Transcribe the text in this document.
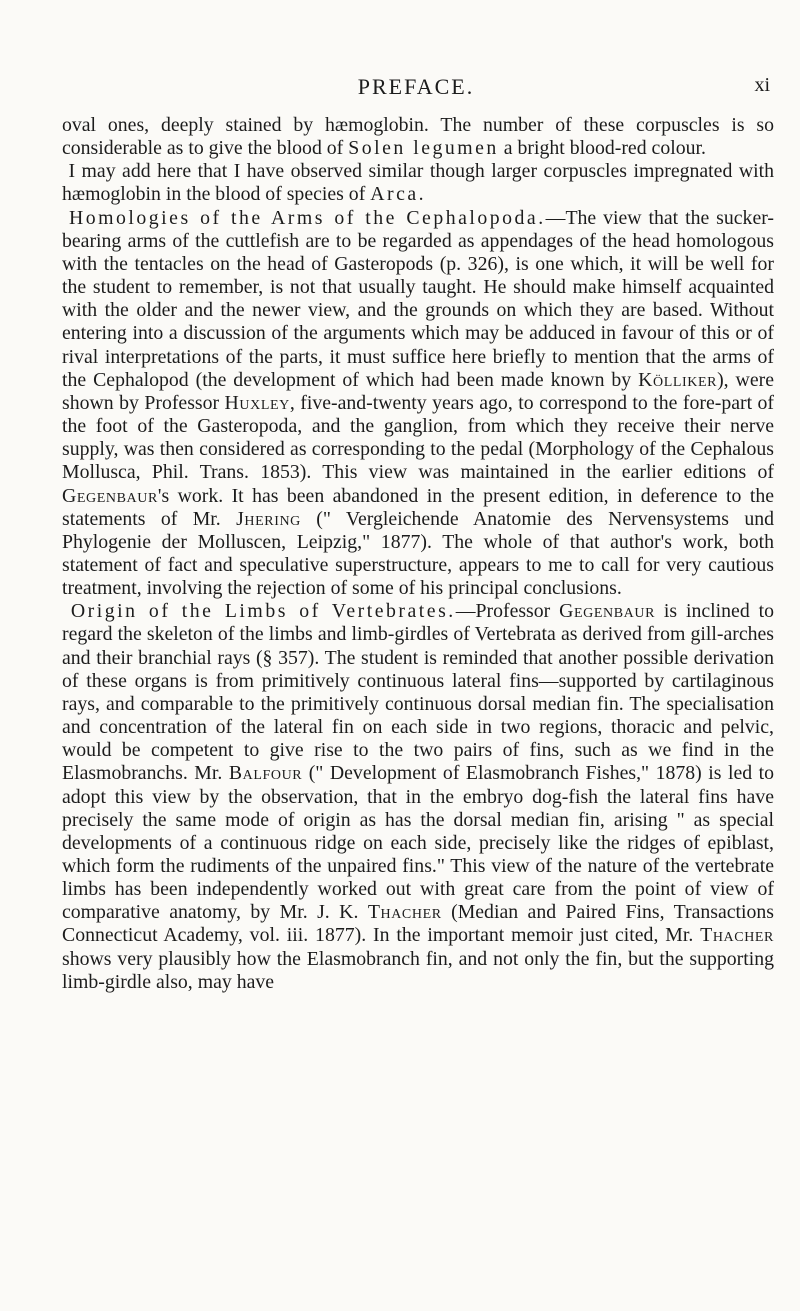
PREFACE.	xi

oval ones, deeply stained by hæmoglobin. The number of these corpuscles is so considerable as to give the blood of Solen legumen a bright blood-red colour.

I may add here that I have observed similar though larger corpuscles impregnated with hæmoglobin in the blood of species of Arca.

Homologies of the Arms of the Cephalopoda.—The view that the sucker-bearing arms of the cuttlefish are to be regarded as appendages of the head homologous with the tentacles on the head of Gasteropods (p. 326), is one which, it will be well for the student to remember, is not that usually taught. He should make himself acquainted with the older and the newer view, and the grounds on which they are based. Without entering into a discussion of the arguments which may be adduced in favour of this or of rival interpretations of the parts, it must suffice here briefly to mention that the arms of the Cephalopod (the development of which had been made known by Kölliker), were shown by Professor Huxley, five-and-twenty years ago, to correspond to the fore-part of the foot of the Gasteropoda, and the ganglion, from which they receive their nerve supply, was then considered as corresponding to the pedal (Morphology of the Cephalous Mollusca, Phil. Trans. 1853). This view was maintained in the earlier editions of Gegenbaur's work. It has been abandoned in the present edition, in deference to the statements of Mr. Jhering (" Vergleichende Anatomie des Nervensystems und Phylogenie der Molluscen, Leipzig," 1877). The whole of that author's work, both statement of fact and speculative superstructure, appears to me to call for very cautious treatment, involving the rejection of some of his principal conclusions.

Origin of the Limbs of Vertebrates.—Professor Gegenbaur is inclined to regard the skeleton of the limbs and limb-girdles of Vertebrata as derived from gill-arches and their branchial rays (§ 357). The student is reminded that another possible derivation of these organs is from primitively continuous lateral fins—supported by cartilaginous rays, and comparable to the primitively continuous dorsal median fin. The specialisation and concentration of the lateral fin on each side in two regions, thoracic and pelvic, would be competent to give rise to the two pairs of fins, such as we find in the Elasmobranchs. Mr. Balfour (" Development of Elasmobranch Fishes," 1878) is led to adopt this view by the observation, that in the embryo dog-fish the lateral fins have precisely the same mode of origin as has the dorsal median fin, arising " as special developments of a continuous ridge on each side, precisely like the ridges of epiblast, which form the rudiments of the unpaired fins." This view of the nature of the vertebrate limbs has been independently worked out with great care from the point of view of comparative anatomy, by Mr. J. K. Thacher (Median and Paired Fins, Transactions Connecticut Academy, vol. iii. 1877). In the important memoir just cited, Mr. Thacher shows very plausibly how the Elasmobranch fin, and not only the fin, but the supporting limb-girdle also, may have
